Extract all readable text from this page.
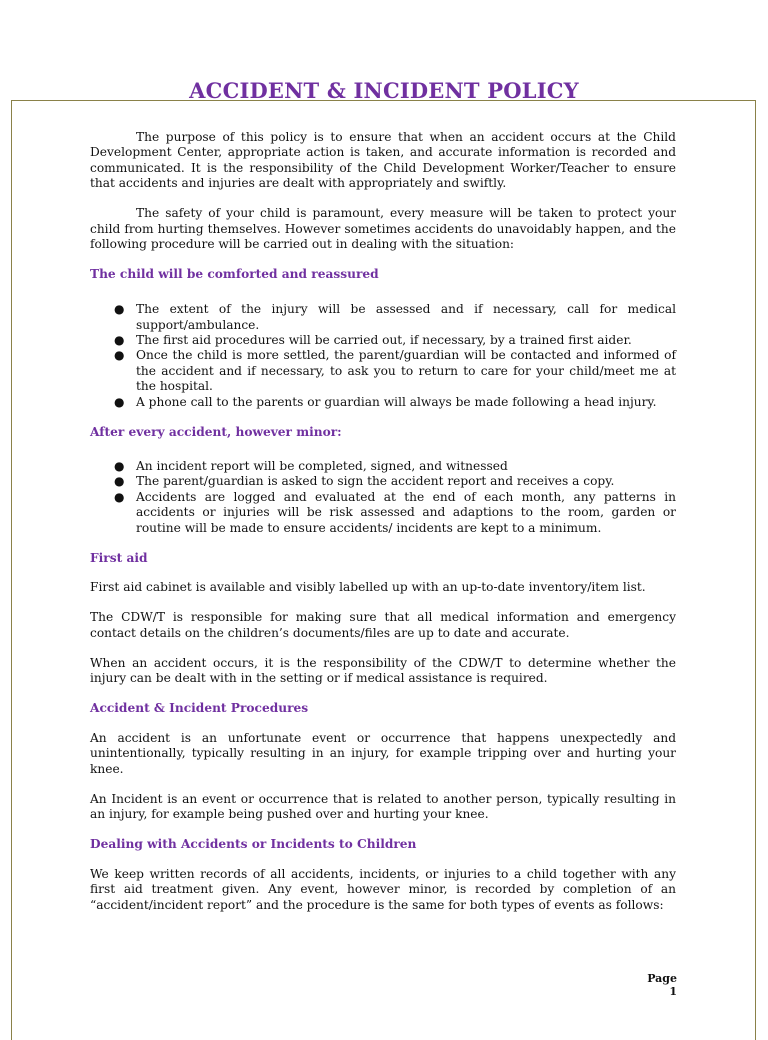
ACCIDENT & INCIDENT POLICY

The purpose of this policy is to ensure that when an accident occurs at the Child Development Center, appropriate action is taken, and accurate information is recorded and communicated. It is the responsibility of the Child Development Worker/Teacher to ensure that accidents and injuries are dealt with appropriately and swiftly.

The safety of your child is paramount, every measure will be taken to protect your child from hurting themselves. However sometimes accidents do unavoidably happen, and the following procedure will be carried out in dealing with the situation:

The child will be comforted and reassured
● The extent of the injury will be assessed and if necessary, call for medical support/ambulance.
● The first aid procedures will be carried out, if necessary, by a trained first aider.
● Once the child is more settled, the parent/guardian will be contacted and informed of the accident and if necessary, to ask you to return to care for your child/meet me at the hospital.
● A phone call to the parents or guardian will always be made following a head injury.
After every accident, however minor:
● An incident report will be completed, signed, and witnessed
● The parent/guardian is asked to sign the accident report and receives a copy.
● Accidents are logged and evaluated at the end of each month, any patterns in accidents or injuries will be risk assessed and adaptions to the room, garden or routine will be made to ensure accidents/ incidents are kept to a minimum.
First aid

First aid cabinet is available and visibly labelled up with an up-to-date inventory/item list.

The CDW/T is responsible for making sure that all medical information and emergency contact details on the children’s documents/files are up to date and accurate.

When an accident occurs, it is the responsibility of the CDW/T to determine whether the injury can be dealt with in the setting or if medical assistance is required.

Accident & Incident Procedures

An accident is an unfortunate event or occurrence that happens unexpectedly and unintentionally, typically resulting in an injury, for example tripping over and hurting your knee.

An Incident is an event or occurrence that is related to another person, typically resulting in an injury, for example being pushed over and hurting your knee.

Dealing with Accidents or Incidents to Children

We keep written records of all accidents, incidents, or injuries to a child together with any first aid treatment given. Any event, however minor, is recorded by completion of an “accident/incident report” and the procedure is the same for both types of events as follows:

Page 1
